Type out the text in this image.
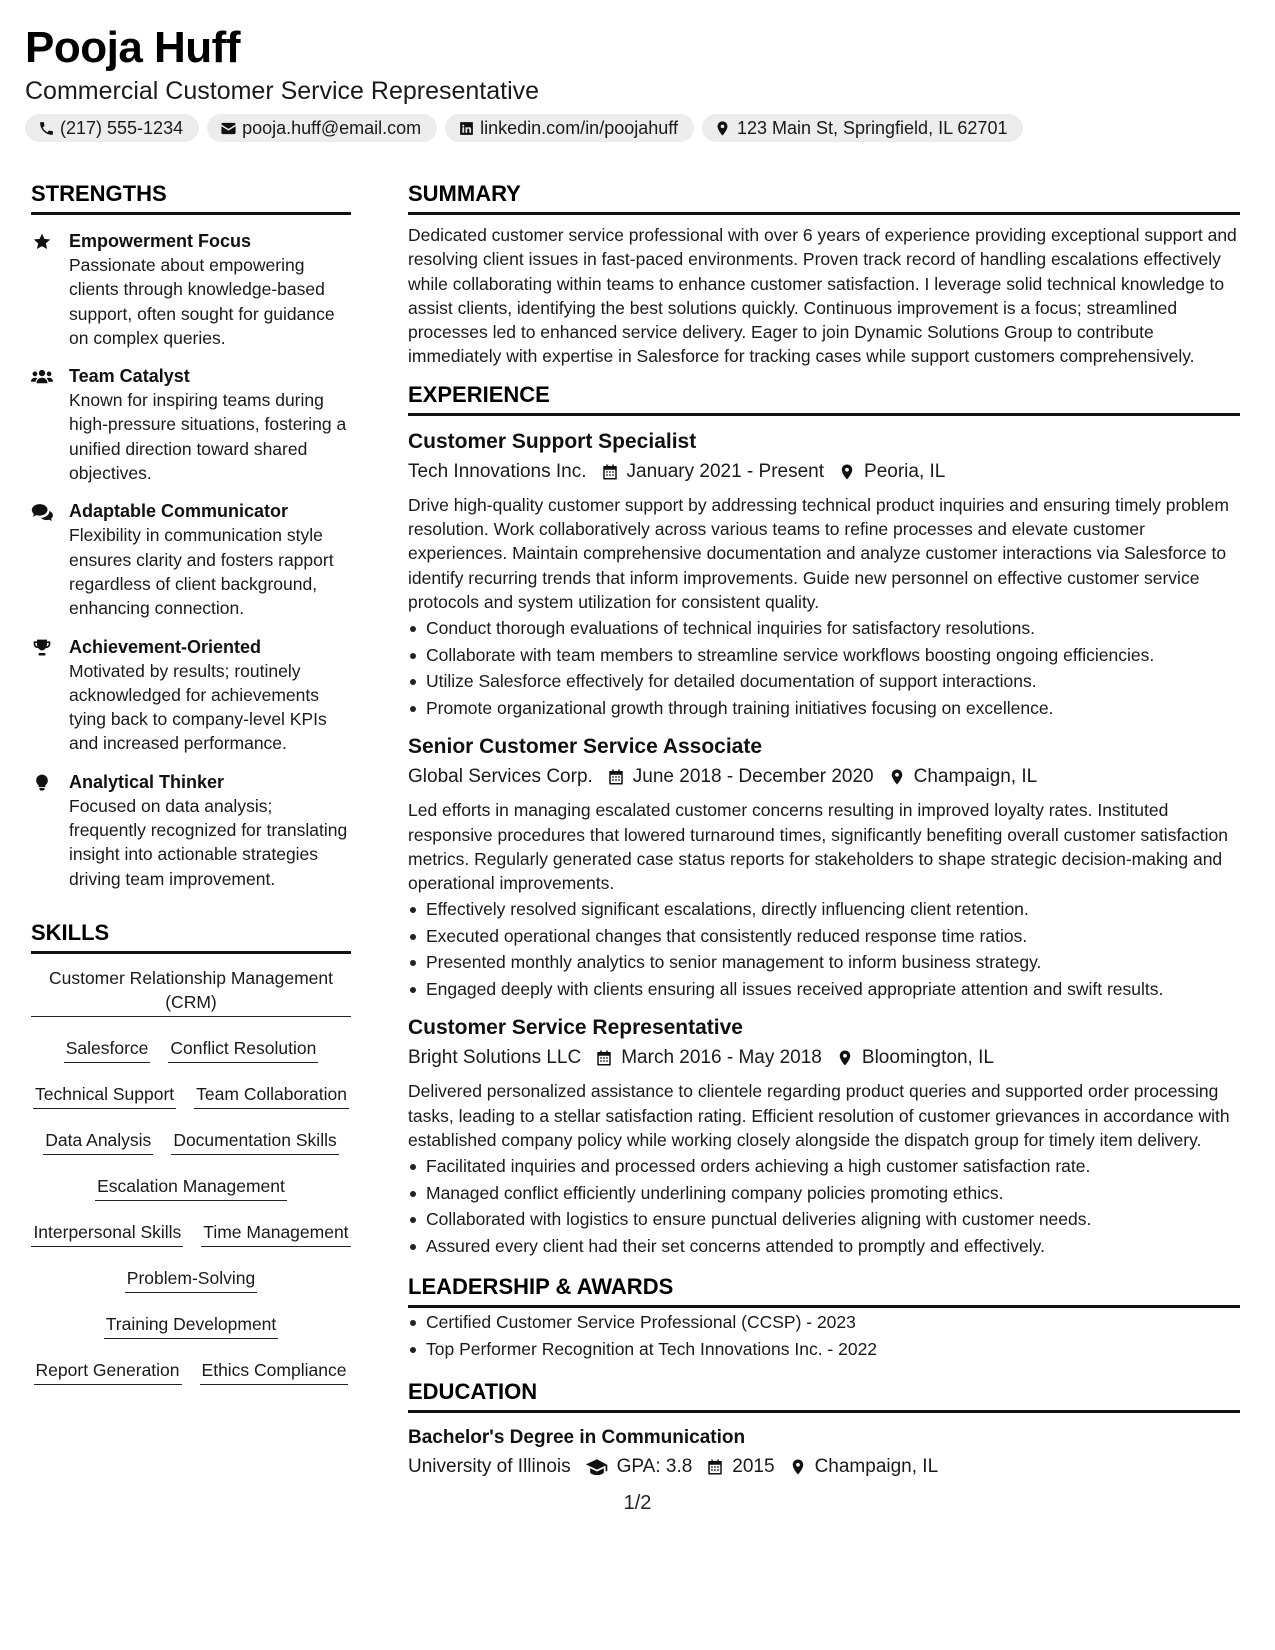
Pooja Huff
Commercial Customer Service Representative
(217) 555-1234	pooja.huff@email.com	linkedin.com/in/poojahuff	123 Main St, Springfield, IL 62701
STRENGTHS
Empowerment Focus
Passionate about empowering clients through knowledge-based support, often sought for guidance on complex queries.
Team Catalyst
Known for inspiring teams during high-pressure situations, fostering a unified direction toward shared objectives.
Adaptable Communicator
Flexibility in communication style ensures clarity and fosters rapport regardless of client background, enhancing connection.
Achievement-Oriented
Motivated by results; routinely acknowledged for achievements tying back to company-level KPIs and increased performance.
Analytical Thinker
Focused on data analysis; frequently recognized for translating insight into actionable strategies driving team improvement.
SKILLS
Customer Relationship Management (CRM)
Salesforce Conflict Resolution
Technical Support Team Collaboration
Data Analysis Documentation Skills
Escalation Management
Interpersonal Skills Time Management
Problem-Solving
Training Development
Report Generation Ethics Compliance
SUMMARY
Dedicated customer service professional with over 6 years of experience providing exceptional support and resolving client issues in fast-paced environments. Proven track record of handling escalations effectively while collaborating within teams to enhance customer satisfaction. I leverage solid technical knowledge to assist clients, identifying the best solutions quickly. Continuous improvement is a focus; streamlined processes led to enhanced service delivery. Eager to join Dynamic Solutions Group to contribute immediately with expertise in Salesforce for tracking cases while support customers comprehensively.
EXPERIENCE
Customer Support Specialist
Tech Innovations Inc. January 2021 - Present Peoria, IL
Drive high-quality customer support by addressing technical product inquiries and ensuring timely problem resolution. Work collaboratively across various teams to refine processes and elevate customer experiences. Maintain comprehensive documentation and analyze customer interactions via Salesforce to identify recurring trends that inform improvements. Guide new personnel on effective customer service protocols and system utilization for consistent quality.
Conduct thorough evaluations of technical inquiries for satisfactory resolutions.
Collaborate with team members to streamline service workflows boosting ongoing efficiencies.
Utilize Salesforce effectively for detailed documentation of support interactions.
Promote organizational growth through training initiatives focusing on excellence.
Senior Customer Service Associate
Global Services Corp. June 2018 - December 2020 Champaign, IL
Led efforts in managing escalated customer concerns resulting in improved loyalty rates. Instituted responsive procedures that lowered turnaround times, significantly benefiting overall customer satisfaction metrics. Regularly generated case status reports for stakeholders to shape strategic decision-making and operational improvements.
Effectively resolved significant escalations, directly influencing client retention.
Executed operational changes that consistently reduced response time ratios.
Presented monthly analytics to senior management to inform business strategy.
Engaged deeply with clients ensuring all issues received appropriate attention and swift results.
Customer Service Representative
Bright Solutions LLC March 2016 - May 2018 Bloomington, IL
Delivered personalized assistance to clientele regarding product queries and supported order processing tasks, leading to a stellar satisfaction rating. Efficient resolution of customer grievances in accordance with established company policy while working closely alongside the dispatch group for timely item delivery.
Facilitated inquiries and processed orders achieving a high customer satisfaction rate.
Managed conflict efficiently underlining company policies promoting ethics.
Collaborated with logistics to ensure punctual deliveries aligning with customer needs.
Assured every client had their set concerns attended to promptly and effectively.
LEADERSHIP & AWARDS
Certified Customer Service Professional (CCSP) - 2023
Top Performer Recognition at Tech Innovations Inc. - 2022
EDUCATION
Bachelor's Degree in Communication
University of Illinois GPA: 3.8 2015 Champaign, IL
1/2
